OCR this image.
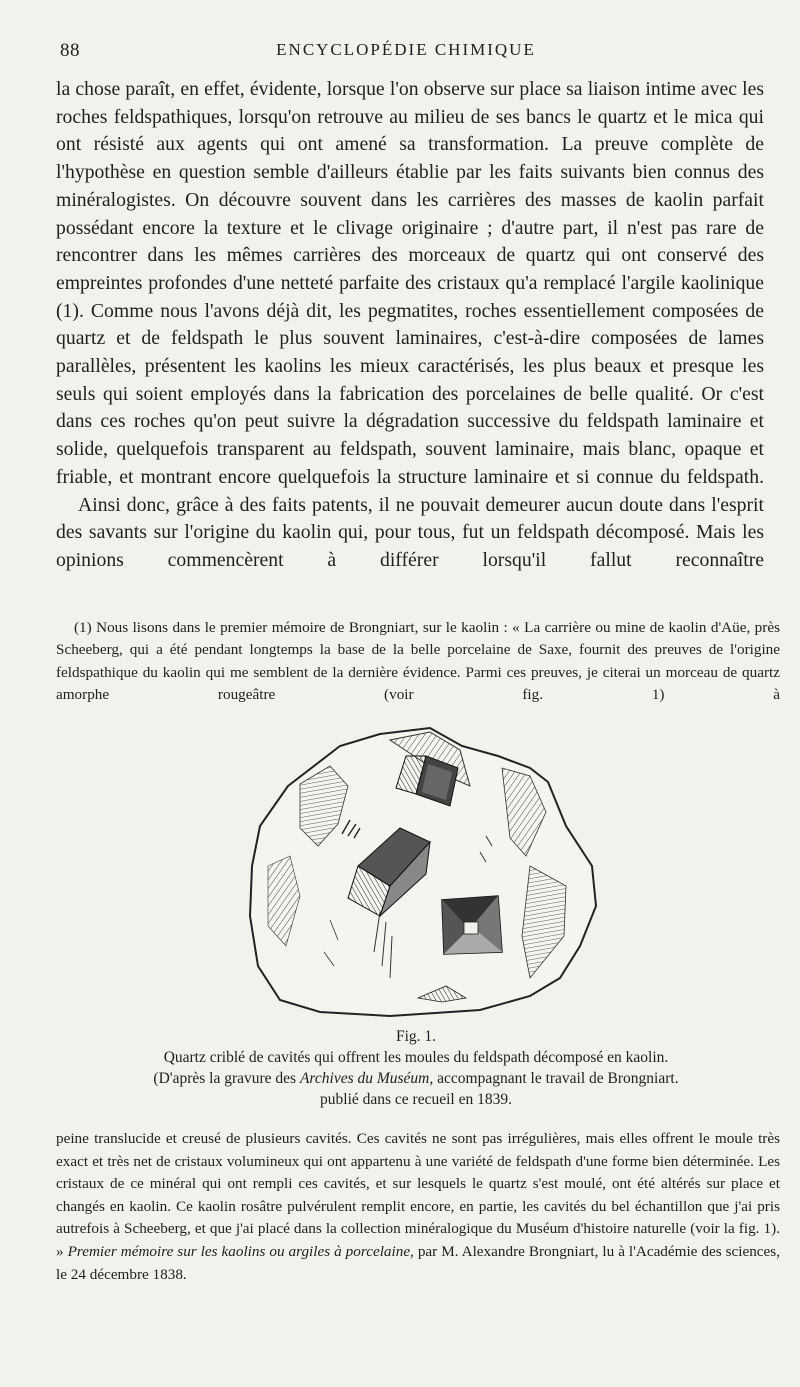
88	ENCYCLOPÉDIE CHIMIQUE

la chose paraît, en effet, évidente, lorsque l'on observe sur place sa liaison intime avec les roches feldspathiques, lorsqu'on retrouve au milieu de ses bancs le quartz et le mica qui ont résisté aux agents qui ont amené sa transformation. La preuve complète de l'hypothèse en question semble d'ailleurs établie par les faits suivants bien connus des minéralogistes. On découvre souvent dans les carrières des masses de kaolin parfait possédant encore la texture et le clivage originaire ; d'autre part, il n'est pas rare de rencontrer dans les mêmes carrières des morceaux de quartz qui ont conservé des empreintes profondes d'une netteté parfaite des cristaux qu'a remplacé l'argile kaolinique (1). Comme nous l'avons déjà dit, les pegmatites, roches essentiellement composées de quartz et de feldspath le plus souvent laminaires, c'est-à-dire composées de lames parallèles, présentent les kaolins les mieux caractérisés, les plus beaux et presque les seuls qui soient employés dans la fabrication des porcelaines de belle qualité. Or c'est dans ces roches qu'on peut suivre la dégradation successive du feldspath laminaire et solide, quelquefois transparent au feldspath, souvent laminaire, mais blanc, opaque et friable, et montrant encore quelquefois la structure laminaire et si connue du feldspath.

Ainsi donc, grâce à des faits patents, il ne pouvait demeurer aucun doute dans l'esprit des savants sur l'origine du kaolin qui, pour tous, fut un feldspath décomposé. Mais les opinions commencèrent à différer lorsqu'il fallut reconnaître

(1) Nous lisons dans le premier mémoire de Brongniart, sur le kaolin : « La carrière ou mine de kaolin d'Aüe, près Scheeberg, qui a été pendant longtemps la base de la belle porcelaine de Saxe, fournit des preuves de l'origine feldspathique du kaolin qui me semblent de la dernière évidence. Parmi ces preuves, je citerai un morceau de quartz amorphe rougeâtre (voir fig. 1) à

Fig. 1.
Quartz criblé de cavités qui offrent les moules du feldspath décomposé en kaolin.
(D'après la gravure des Archives du Muséum, accompagnant le travail de Brongniart.
publié dans ce recueil en 1839.

peine translucide et creusé de plusieurs cavités. Ces cavités ne sont pas irrégulières, mais elles offrent le moule très exact et très net de cristaux volumineux qui ont appartenu à une variété de feldspath d'une forme bien déterminée. Les cristaux de ce minéral qui ont rempli ces cavités, et sur lesquels le quartz s'est moulé, ont été altérés sur place et changés en kaolin. Ce kaolin rosâtre pulvérulent remplit encore, en partie, les cavités du bel échantillon que j'ai pris autrefois à Scheeberg, et que j'ai placé dans la collection minéralogique du Muséum d'histoire naturelle (voir la fig. 1). » Premier mémoire sur les kaolins ou argiles à porcelaine, par M. Alexandre Brongniart, lu à l'Académie des sciences, le 24 décembre 1838.
